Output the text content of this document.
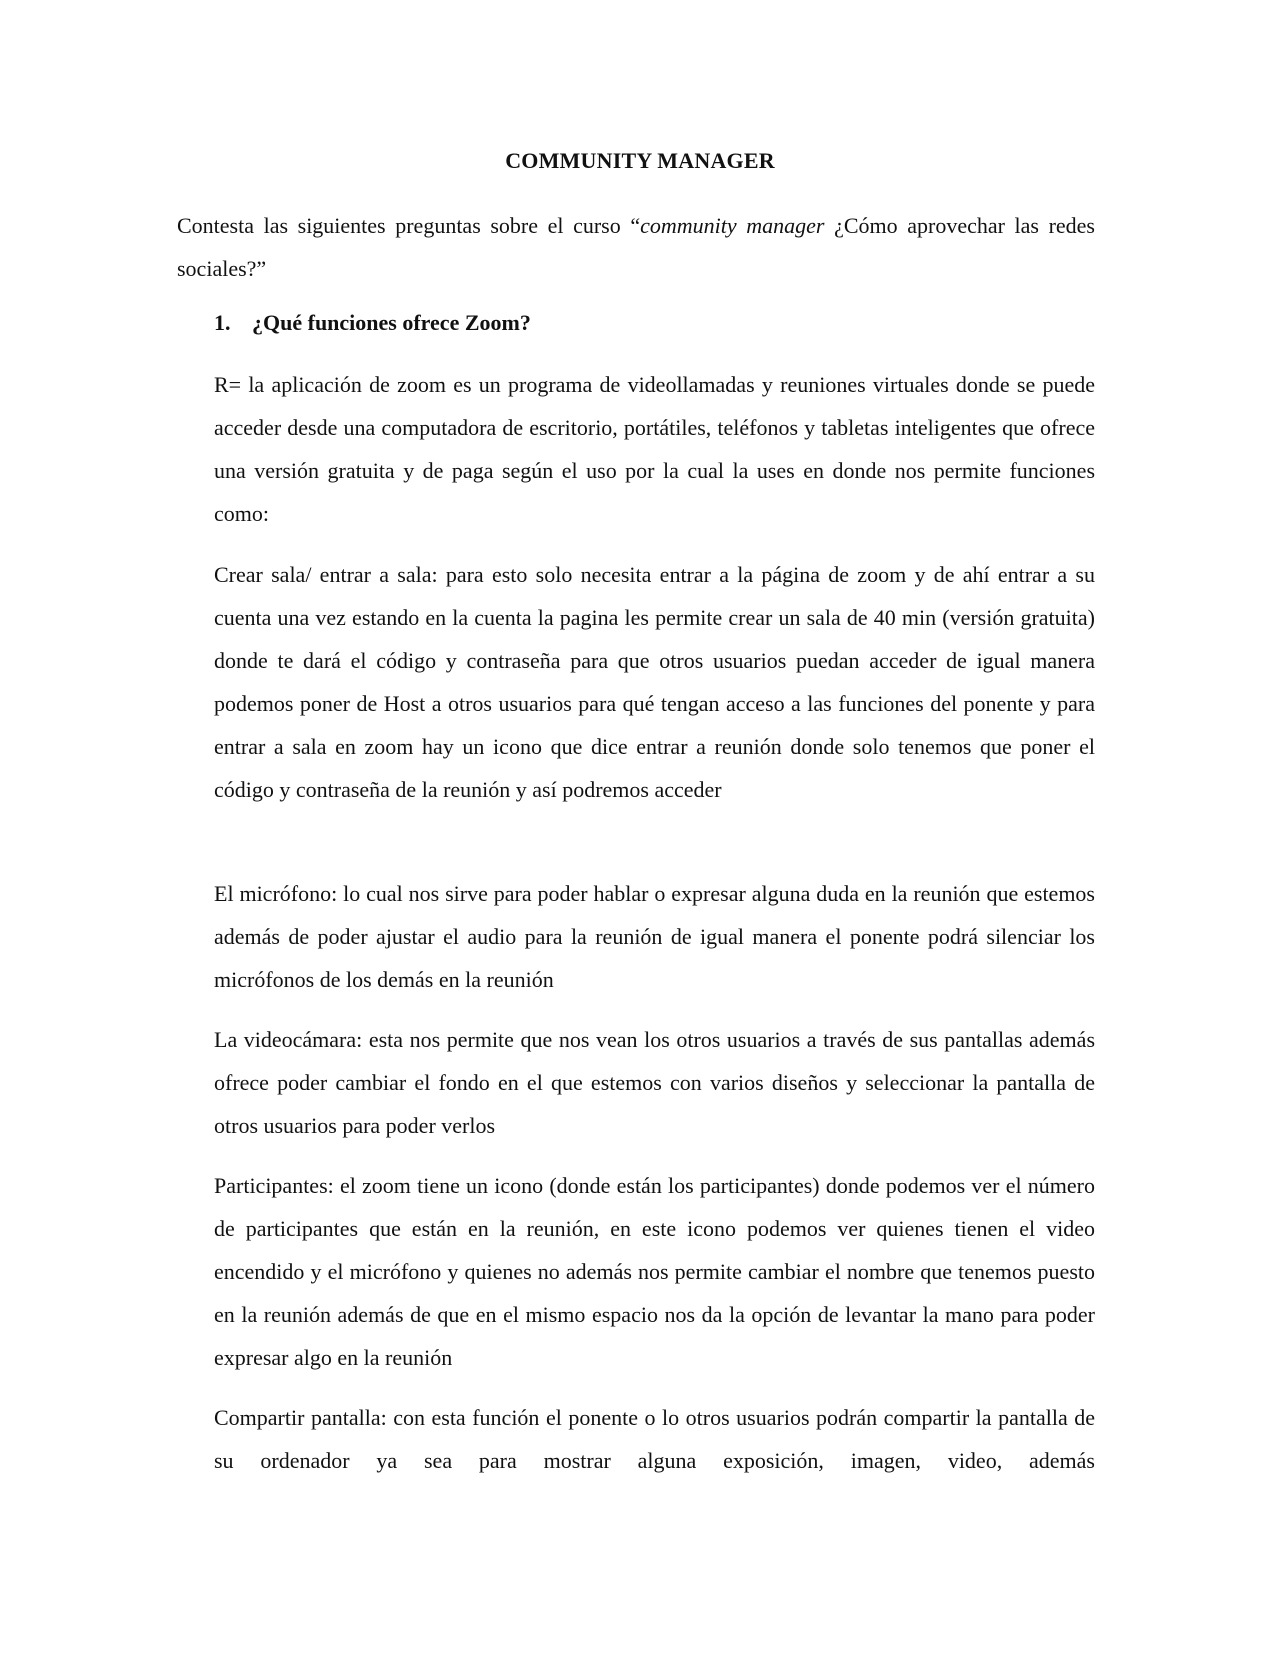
COMMUNITY MANAGER
Contesta las siguientes preguntas sobre el curso “community manager ¿Cómo aprovechar las redes sociales?”
1. ¿Qué funciones ofrece Zoom?

R= la aplicación de zoom es un programa de videollamadas y reuniones virtuales donde se puede acceder desde una computadora de escritorio, portátiles, teléfonos y tabletas inteligentes que ofrece una versión gratuita y de paga según el uso por la cual la uses en donde nos permite funciones como:

Crear sala/ entrar a sala: para esto solo necesita entrar a la página de zoom y de ahí entrar a su cuenta una vez estando en la cuenta la pagina les permite crear un sala de 40 min (versión gratuita) donde te dará el código y contraseña para que otros usuarios puedan acceder de igual manera podemos poner de Host a otros usuarios para qué tengan acceso a las funciones del ponente y para entrar a sala en zoom hay un icono que dice entrar a reunión donde solo tenemos que poner el código y contraseña de la reunión y así podremos acceder

El micrófono: lo cual nos sirve para poder hablar o expresar alguna duda en la reunión que estemos además de poder ajustar el audio para la reunión de igual manera el ponente podrá silenciar los micrófonos de los demás en la reunión

La videocámara: esta nos permite que nos vean los otros usuarios a través de sus pantallas además ofrece poder cambiar el fondo en el que estemos con varios diseños y seleccionar la pantalla de otros usuarios para poder verlos

Participantes: el zoom tiene un icono (donde están los participantes) donde podemos ver el número de participantes que están en la reunión, en este icono podemos ver quienes tienen el video encendido y el micrófono y quienes no además nos permite cambiar el nombre que tenemos puesto en la reunión además de que en el mismo espacio nos da la opción de levantar la mano para poder expresar algo en la reunión

Compartir pantalla: con esta función el ponente o lo otros usuarios podrán compartir la pantalla de su ordenador ya sea para mostrar alguna exposición, imagen, video, además
